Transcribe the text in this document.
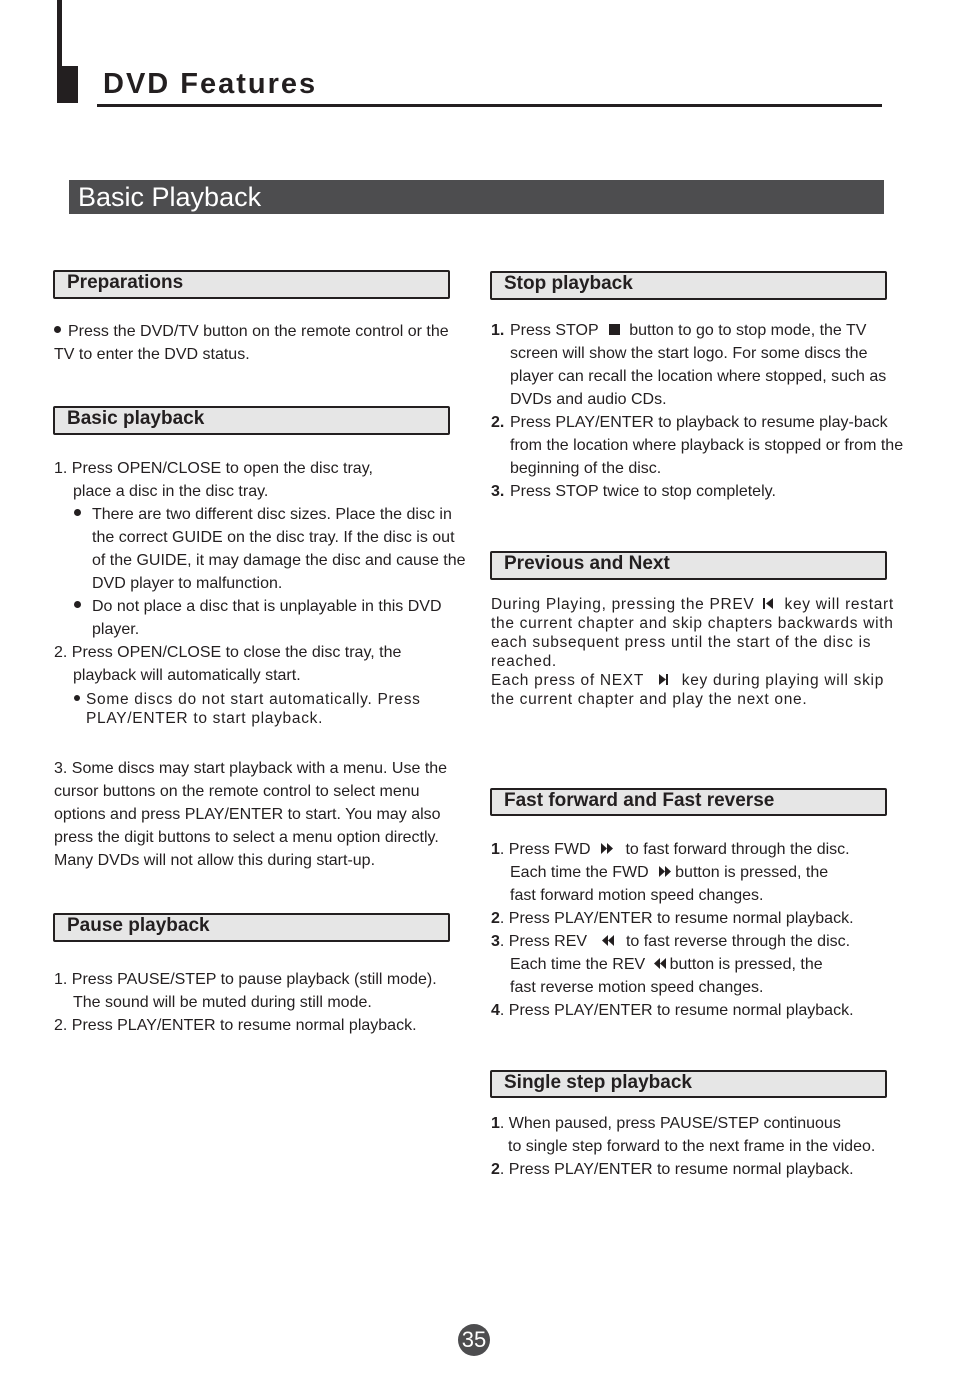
DVD Features
Basic Playback
Preparations

Press the DVD/TV button on the remote control or the TV to enter the DVD status.

Basic playback

1. Press OPEN/CLOSE to open the disc tray,

place a disc in the disc tray.

There are two different disc sizes. Place the disc in the correct GUIDE on the disc tray. If the disc is out of the GUIDE, it may damage the disc and cause the DVD player to malfunction.
Do not place a disc that is unplayable in this DVD player.

2. Press OPEN/CLOSE to close the disc tray, the

playback will automatically start.

Some discs do not start automatically. Press PLAY/ENTER to start playback.

3. Some discs may start playback with a menu. Use the cursor buttons on the remote control to select menu options and press PLAY/ENTER to start. You may also press the digit buttons to select a menu option directly. Many DVDs will not allow this during start-up.

Pause playback

1. Press PAUSE/STEP to pause playback (still mode).

The sound will be muted during still mode.

2. Press PLAY/ENTER to resume normal playback.

Stop playback
1. Press STOP  button to go to stop mode, the TV screen will show the start logo. For some discs the player can recall the location where stopped, such as DVDs and audio CDs.
2. Press PLAY/ENTER to playback to resume play-back from the location where playback is stopped or from the beginning of the disc.
3. Press STOP twice to stop completely.
Previous and Next

During Playing, pressing the PREV  key will restart the current chapter and skip chapters backwards with each subsequent press until the start of the disc is reached.

Each press of NEXT  key during playing will skip the current chapter and play the next one.

Fast forward and Fast reverse
1 . Press FWD  to fast forward through the disc.

Each time the FWD button is pressed, the

fast forward motion speed changes.

2 . Press PLAY/ENTER to resume normal playback.
3 . Press REV  to fast reverse through the disc.

Each time the REV button is pressed, the

fast reverse motion speed changes.

4 . Press PLAY/ENTER to resume normal playback.
Single step playback
1 . When paused, press PAUSE/STEP continuous

to single step forward to the next frame in the video.

2 . Press PLAY/ENTER to resume normal playback.
35
